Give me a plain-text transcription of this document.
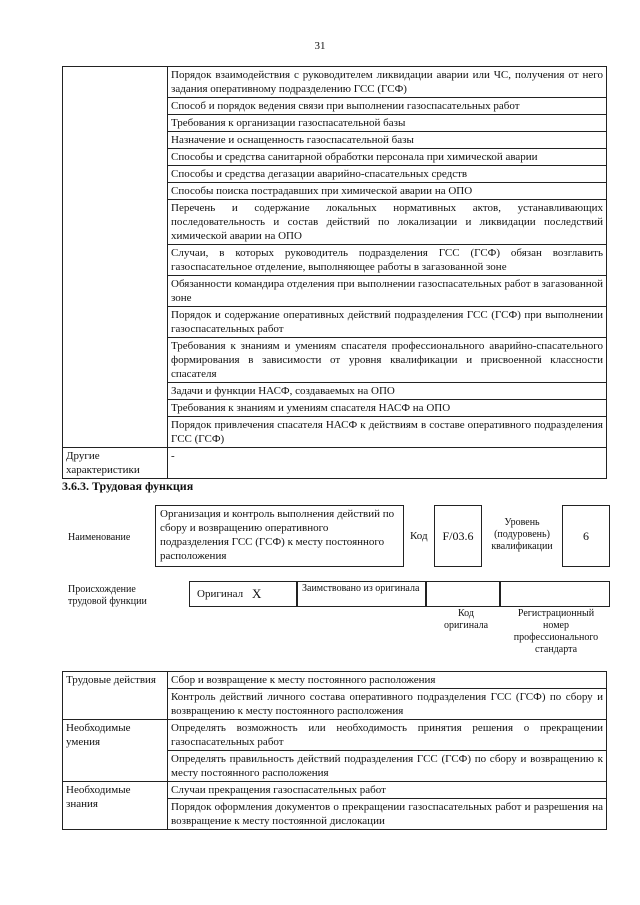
31
	Порядок взаимодействия с руководителем ликвидации аварии или ЧС, получения от него задания оперативному подразделению ГСС (ГСФ)
	Способ и порядок ведения связи при выполнении газоспасательных работ
	Требования к организации газоспасательной базы
	Назначение и оснащенность газоспасательной базы
	Способы и средства санитарной обработки персонала при химической аварии
	Способы и средства дегазации аварийно-спасательных средств
	Способы поиска пострадавших при химической аварии на ОПО
	Перечень и содержание локальных нормативных актов, устанавливающих последовательность и состав действий по локализации и ликвидации последствий химической аварии на ОПО
	Случаи, в которых руководитель подразделения ГСС (ГСФ) обязан возглавить газоспасательное отделение, выполняющее работы в загазованной зоне
	Обязанности командира отделения при выполнении газоспасательных работ в загазованной зоне
	Порядок и содержание оперативных действий подразделения ГСС (ГСФ) при выполнении газоспасательных работ
	Требования к знаниям и умениям спасателя профессионального аварийно-спасательного формирования в зависимости от уровня квалификации и присвоенной классности спасателя
	Задачи и функции НАСФ, создаваемых на ОПО
	Требования к знаниям и умениям спасателя НАСФ на ОПО
	Порядок привлечения спасателя НАСФ к действиям в составе оперативного подразделения ГСС (ГСФ)
Другие характеристики	-
3.6.3. Трудовая функция
Наименование
Организация и контроль выполнения действий по сбору и возвращению оперативного подразделения ГСС (ГСФ) к месту постоянного расположения
Код F/03.6
Уровень (подуровень) квалификации
6
Происхождение трудовой функции
Оригинал X	Заимствовано из оригинала
Код оригинала
Регистрационный номер профессионального стандарта
Трудовые действия	Сбор и возвращение к месту постоянного расположения
	Контроль действий личного состава оперативного подразделения ГСС (ГСФ) по сбору и возвращению к месту постоянного расположения
Необходимые умения	Определять возможность или необходимость принятия решения о прекращении газоспасательных работ
	Определять правильность действий подразделения ГСС (ГСФ) по сбору и возвращению к месту постоянного расположения
Необходимые знания	Случаи прекращения газоспасательных работ
	Порядок оформления документов о прекращении газоспасательных работ и разрешения на возвращение к месту постоянной дислокации
